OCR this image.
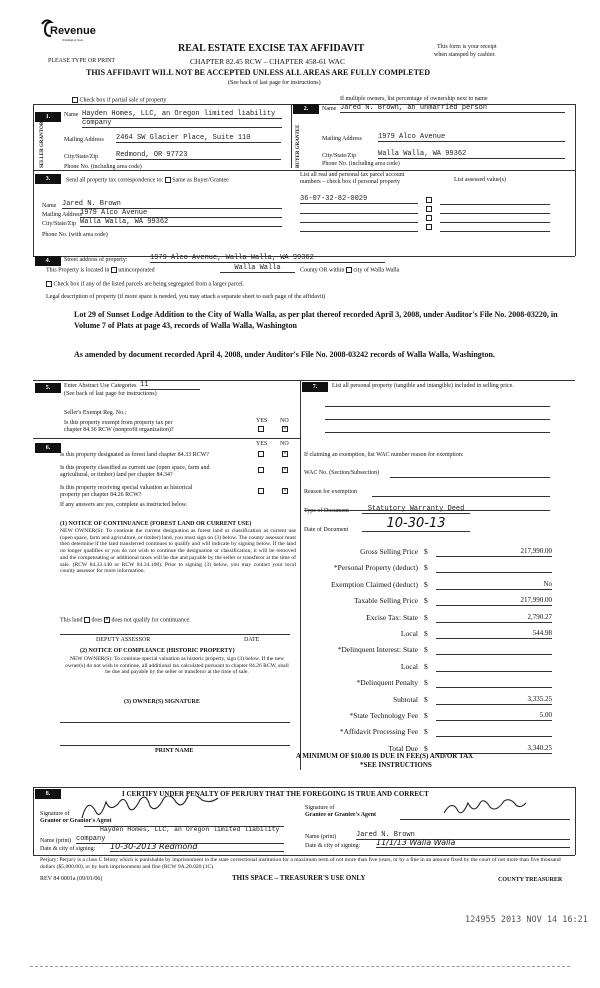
Revenue
Washington State
PLEASE TYPE OR PRINT
REAL ESTATE EXCISE TAX AFFIDAVIT
CHAPTER 82.45 RCW – CHAPTER 458-61 WAC
This form is your receipt
when stamped by cashier.
THIS AFFIDAVIT WILL NOT BE ACCEPTED UNLESS ALL AREAS ARE FULLY COMPLETED
(See back of last page for instructions)
Check box if partial sale of property	If multiple owners, list percentage of ownership next to name
1.
SELLER GRANTOR
Name Hayden Homes, LLC, an Oregon limited liability
company
Mailing Address 2464 SW Glacier Place, Suite 110
City/State/Zip	Redmond, OR 97723
Phone No. (including area code)
2.
BUYER GRANTEE
Name Jared N. Brown, an unmarried person
Mailing Address 1979 Alco Avenue
City/State/Zip	Walla Walla, WA 99362
Phone No. (including area code)
3.	Send all property tax correspondence to: Same as Buyer/Grantee
List all real and personal tax parcel account
numbers – check box if personal property	List assessed value(s)
36-07-32-82-0029
Name Jared N. Brown
Mailing Address
1979 Alco Avenue
City/State/Zip Walla Walla, WA 99362
Phone No. (with area code)
4.	Street address of property:	1979 Alco Avenue, Walla Walla, WA 99362
This Property is located in unincorporated	Walla Walla	County OR within city of Walla Walla
Check box if any of the listed parcels are being segregated from a larger parcel.
Legal description of property (if more space is needed, you may attach a separate sheet to each page of the affidavit)
Lot 29 of Sunset Lodge Addition to the City of Walla Walla, as per plat thereof recorded April 3, 2008, under Auditor's File No. 2008-03220, in Volume 7 of Plats at page 43, records of Walla Walla, Washington
As amended by document recorded April 4, 2008, under Auditor's File No. 2008-03242 records of Walla Walla, Washington.
5.	Enter Abstract Use Categories 11
(See back of last page for instructions)
Seller's Exempt Reg. No.:
YES NO
Is this property exempt from property tax per
chapter 84.36 RCW (nonprofit organization)?	×
6.
YES NO
Is this property designated as forest land chapter 84.33 RCW?	×
Is this property classified as current use (open space, farm and
agricultural, or timber) land per chapter 84.34?
×
Is this property receiving special valuation as historical
property per chapter 84.26 RCW?
×
If any answers are yes, complete as instructed below.
(1) NOTICE OF CONTINUANCE (FOREST LAND OR CURRENT USE)
NEW OWNER(S): To continue the current designation as forest land or classification as current use (open space, farm and agriculture, or timber) land, you must sign on (3) below. The county assessor must then determine if the land transferred continues to qualify and will indicate by signing below. If the land no longer qualifies or you do not wish to continue the designation or classification, it will be removed and the compensating or additional taxes will be due and payable by the seller or transferor at the time of sale. (RCW 84.33.140 or RCW 84.34.108). Prior to signing (3) below, you may contact your local county assessor for more information.
This land does × does not qualify for continuance.
DEPUTY ASSESSOR	DATE
(2) NOTICE OF COMPLIANCE (HISTORIC PROPERTY)
NEW OWNER(S): To continue special valuation as historic property, sign (3) below. If the new owner(s) do not wish to continue, all additional tax calculated pursuant to chapter 84.26 RCW, shall be due and payable by the seller or transferor at the time of sale.
(3) OWNER(S) SIGNATURE
PRINT NAME
7.	List all personal property (tangible and intangible) included in selling price.
If claiming an exemption, list WAC number reason for exemption:
WAC No. (Section/Subsection)
Reason for exemption
Type of Document	Statutory Warranty Deed
Date of Document	10-30-13
Gross Selling Price $	217,990.00
*Personal Property (deduct) $
Exemption Claimed (deduct) $	No
Taxable Selling Price $	217,990.00
Excise Tax: State $	2,790.27
Local $	544.98
*Delinquent Interest: State $
Local $
*Delinquent Penalty $
Subtotal $	3,335.25
*State Technology Fee $	5.00
*Affidavit Processing Fee $
Total Due $	3,340.25
A MINIMUM OF $10.00 IS DUE IN FEE(S) AND/OR TAX
*SEE INSTRUCTIONS
8.	I CERTIFY UNDER PENALTY OF PERJURY THAT THE FOREGOING IS TRUE AND CORRECT
Signature of
Grantor or Grantor's Agent
Hayden Homes, LLC, an Oregon limited liability
Name (print) company
Date & city of signing: 10-30-2013 Redmond
Signature of
Grantee or Grantee's Agent
Name (print)	Jared N. Brown
Date & city of signing: 11/1/13 Walla Walla
Perjury: Perjury is a class C felony which is punishable by imprisonment in the state correctional institution for a maximum term of not more than five years, or by a fine in an amount fixed by the court of not more than five thousand dollars ($5,000.00), or by both imprisonment and fine (RCW 9A.20.020 (1C).
REV 84 0001a (09/01/06)	THIS SPACE – TREASURER'S USE ONLY	COUNTY TREASURER
124955 2013 NOV 14 16:21
